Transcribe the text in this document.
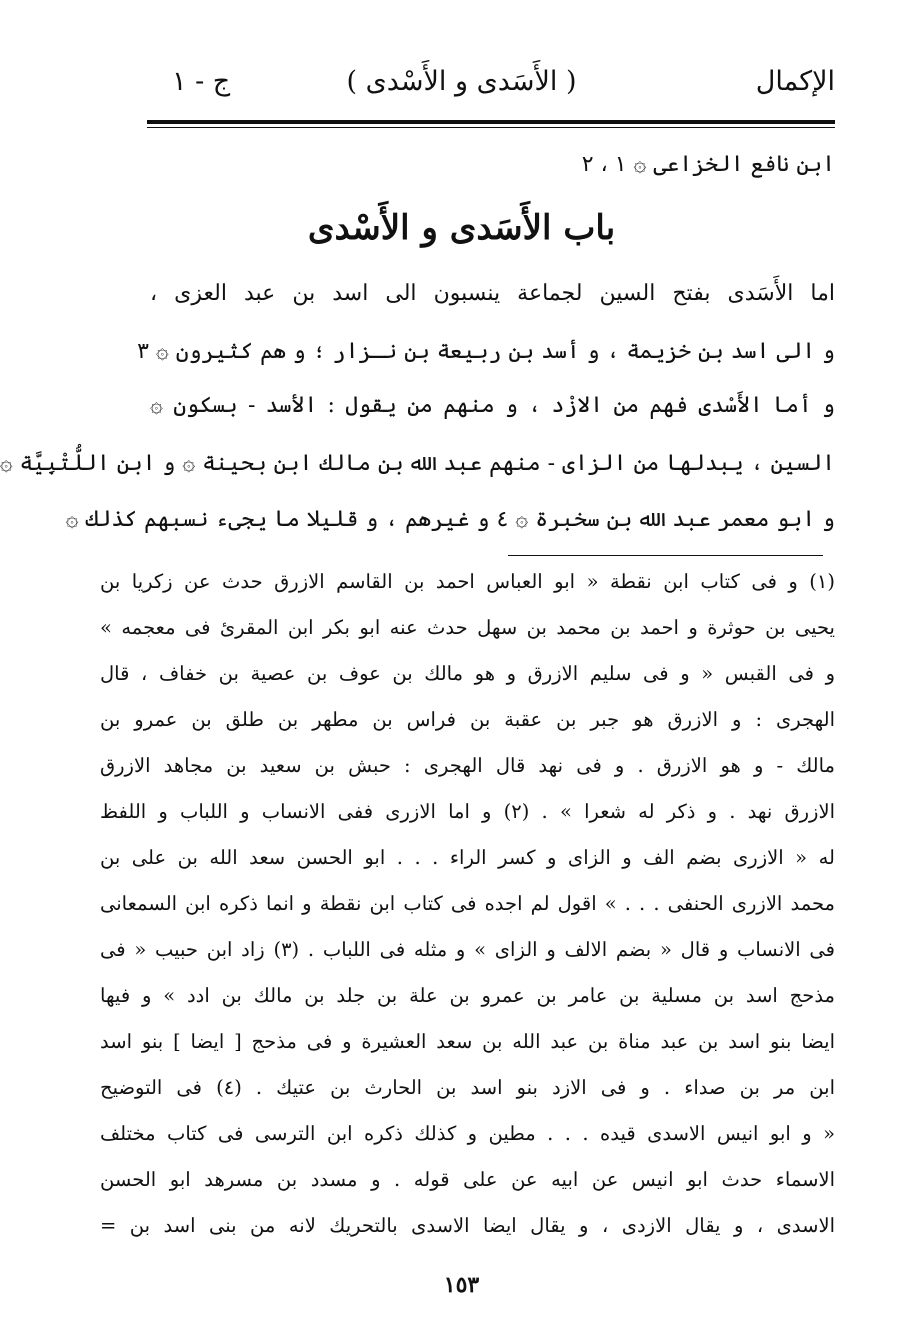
الإكمال
( الأَسَدى و الأَسْدى )
ج - ١
ابن نافع الخزاعى ۞ ١ ، ٢
باب الأَسَدى و الأَسْدى
اما الأَسَدى بفتح السين لجماعة ينسبون الى اسد بن عبد العزى ،
و الى اسد بن خزيمة ، و أسد بن ربيعة بن نـزار ؛ و هم كثيرون ۞ ٣
و أما الأَسْدى فهم من الازْد ، و منهم من يقول : الأسد - بسكون ۞
السين ، يبدلها من الزاى - منهم عبد الله بن مالك ابن بحينة ۞ و ابن اللُّتْبِيَّة ۞
و ابو معمر عبد الله بن سخبرة ۞ ٤ و غيرهم ، و قليلا ما يجىء نسبهم كذلك ۞
(١) و فى كتاب ابن نقطة « ابو العباس احمد بن القاسم الازرق حدث عن زكريا بن
يحيى بن حوثرة و احمد بن محمد بن سهل حدث عنه ابو بكر ابن المقرئ فى معجمه »
و فى القبس « و فى سليم الازرق و هو مالك بن عوف بن عصية بن خفاف ، قال
الهجرى : و الازرق هو جبر بن عقبة بن فراس بن مطهر بن طلق بن عمرو بن
مالك - و هو الازرق . و فى نهد قال الهجرى : حبش بن سعيد بن مجاهد الازرق
الازرق نهد . و ذكر له شعرا » . (٢) و اما الازرى ففى الانساب و اللباب و اللفظ
له « الازرى بضم الف و الزاى و كسر الراء . . . ابو الحسن سعد الله بن على بن
محمد الازرى الحنفى . . . » اقول لم اجده فى كتاب ابن نقطة و انما ذكره ابن السمعانى
فى الانساب و قال « بضم الالف و الزاى » و مثله فى اللباب . (٣) زاد ابن حبيب « فى
مذحج اسد بن مسلية بن عامر بن عمرو بن علة بن جلد بن مالك بن ادد » و فيها
ايضا بنو اسد بن عبد مناة بن عبد الله بن سعد العشيرة و فى مذحج [ ايضا ] بنو اسد
ابن مر بن صداء . و فى الازد بنو اسد بن الحارث بن عتيك . (٤) فى التوضيح
« و ابو انيس الاسدى قيده . . . مطين و كذلك ذكره ابن الترسى فى كتاب مختلف
الاسماء حدث ابو انيس عن ابيه عن على قوله . و مسدد بن مسرهد ابو الحسن
الاسدى ، و يقال الازدى ، و يقال ايضا الاسدى بالتحريك لانه من بنى اسد بن =
١٥٣
